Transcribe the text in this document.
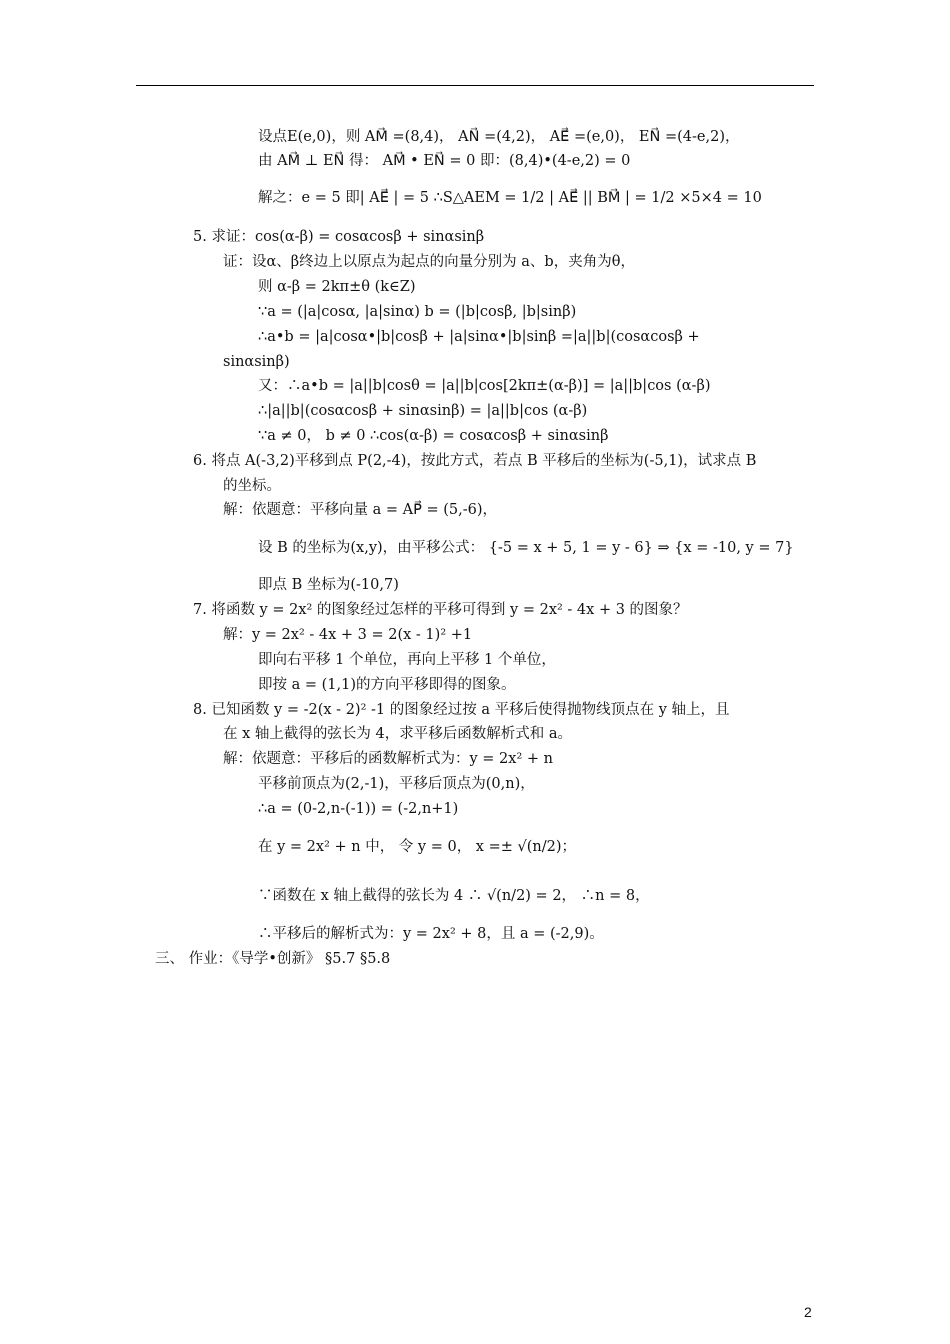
设点E(e,0)，则 AM⃗ =(8,4)， AN⃗ =(4,2)， AE⃗ =(e,0)， EN⃗ =(4-e,2)，
由 AM⃗ ⊥ EN⃗ 得： AM⃗ • EN⃗ = 0 即：(8,4)•(4-e,2) = 0
解之：e = 5 即| AE⃗ | = 5 ∴S△AEM = 1/2 | AE⃗ || BM⃗ | = 1/2 ×5×4 = 10
5. 求证：cos(α-β) = cosαcosβ + sinαsinβ
证：设α、β终边上以原点为起点的向量分别为 a、b，夹角为θ，
则 α-β = 2kπ±θ (k∈Z)
∵a = (|a|cosα, |a|sinα) b = (|b|cosβ, |b|sinβ)
∴a•b = |a|cosα•|b|cosβ + |a|sinα•|b|sinβ =|a||b|(cosαcosβ +
sinαsinβ)
又：∴a•b = |a||b|cosθ = |a||b|cos[2kπ±(α-β)] = |a||b|cos (α-β)
∴|a||b|(cosαcosβ + sinαsinβ) = |a||b|cos (α-β)
∵a ≠ 0， b ≠ 0 ∴cos(α-β) = cosαcosβ + sinαsinβ
6. 将点 A(-3,2)平移到点 P(2,-4)，按此方式，若点 B 平移后的坐标为(-5,1)，试求点 B
的坐标。
解：依题意：平移向量 a = AP⃗ = (5,-6)，
设 B 的坐标为(x,y)，由平移公式： {-5 = x + 5, 1 = y - 6} ⇒ {x = -10, y = 7}
即点 B 坐标为(-10,7)
7. 将函数 y = 2x² 的图象经过怎样的平移可得到 y = 2x² - 4x + 3 的图象？
解：y = 2x² - 4x + 3 = 2(x - 1)² +1
即向右平移 1 个单位，再向上平移 1 个单位，
即按 a = (1,1)的方向平移即得的图象。
8. 已知函数 y = -2(x - 2)² -1 的图象经过按 a 平移后使得抛物线顶点在 y 轴上，且
在 x 轴上截得的弦长为 4，求平移后函数解析式和 a。
解：依题意：平移后的函数解析式为：y = 2x² + n
平移前顶点为(2,-1)，平移后顶点为(0,n)，
∴a = (0-2,n-(-1)) = (-2,n+1)
在 y = 2x² + n 中， 令 y = 0， x =± √(n/2)；
∵函数在 x 轴上截得的弦长为 4 ∴ √(n/2) = 2， ∴n = 8，
∴平移后的解析式为：y = 2x² + 8，且 a = (-2,9)。
三、 作业：《导学•创新》 §5.7 §5.8
2
